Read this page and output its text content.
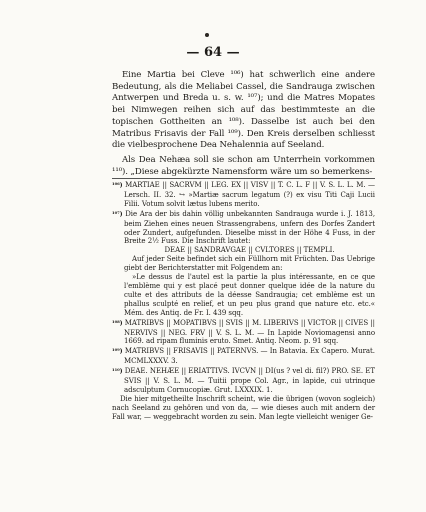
— 64 —

Eine Martia bei Cleve ¹⁰⁶) hat schwerlich eine andere Bedeutung, als die Meliabei Cassel, die Sandrauga zwischen Antwerpen und Breda u. s. w. ¹⁰⁷); und die Matres Mopates bei Nimwegen reihen sich auf das bestimmteste an die topischen Gottheiten an ¹⁰⁸). Dasselbe ist auch bei den Matribus Frisavis der Fall ¹⁰⁹). Den Kreis derselben schliesst die vielbesprochene Dea Nehalennia auf Seeland.

Als Dea Nehæa soll sie schon am Unterrhein vorkommen ¹¹⁰). „Diese abgekürzte Namensform wäre um so bemerkens-

¹⁰⁶) MARTIAE || SACRVM || LEG. EX || VISV || T. C. L. F || V. S. L. L. M. — Lersch. II. 32. ↪ »Martiæ sacrum legatum (?) ex visu Titi Caji Lucii Filii. Votum solvit lætus lubens merito.

¹⁰⁷) Die Ara der bis dahin völlig unbekannten Sandrauga wurde i. J. 1813, beim Ziehen eines neuen Strassengrabens, unfern des Dorfes Zandert oder Zundert, aufgefunden. Dieselbe misst in der Höhe 4 Fuss, in der Breite 2½ Fuss. Die Inschrift lautet:

DEAE || SANDRAVGAE || CVLTORES || TEMPLI.

Auf jeder Seite befindet sich ein Füllhorn mit Früchten. Das Uebrige giebt der Berichterstatter mit Folgendem an:

»Le dessus de l'autel est la partie la plus intéressante, en ce que l'emblème qui y est placé peut donner quelque idée de la nature du culte et des attributs de la déesse Sandraugia; cet emblème est un phallus sculpté en relief, et un peu plus grand que nature etc. etc.« Mém. des Antiq. de Fr. I. 439 sqq.

¹⁰⁸) MATRIBVS || MOPATIBVS || SVIS || M. LIBERIVS || VICTOR || CIVES || NERVIVS || NEG. FRV || V. S. L. M. — In Lapide Noviomagensi anno 1669. ad ripam fluminis eruto. Smet. Antiq. Neom. p. 91 sqq.

¹⁰⁹) MATRIBVS || FRISAVIS || PATERNVS. — In Batavia. Ex Capero. Murat. MCMLXXXV. 3.

¹¹⁰) DEAE. NEHÆE || ERIATTIVS. IVCVN || DI(us ? vel di. fil?) PRO. SE. ET SVIS || V. S. L. M. — Tuitii prope Col. Agr., in lapide, cui utrinque adsculptum Cornucopiæ. Grut. LXXXIX. 1.

Die hier mitgetheilte Inschrift scheint, wie die übrigen (wovon sogleich) nach Seeland zu gehören und von da, — wie dieses auch mit andern der Fall war, — weggebracht worden zu sein. Man legte vielleicht weniger Ge-
